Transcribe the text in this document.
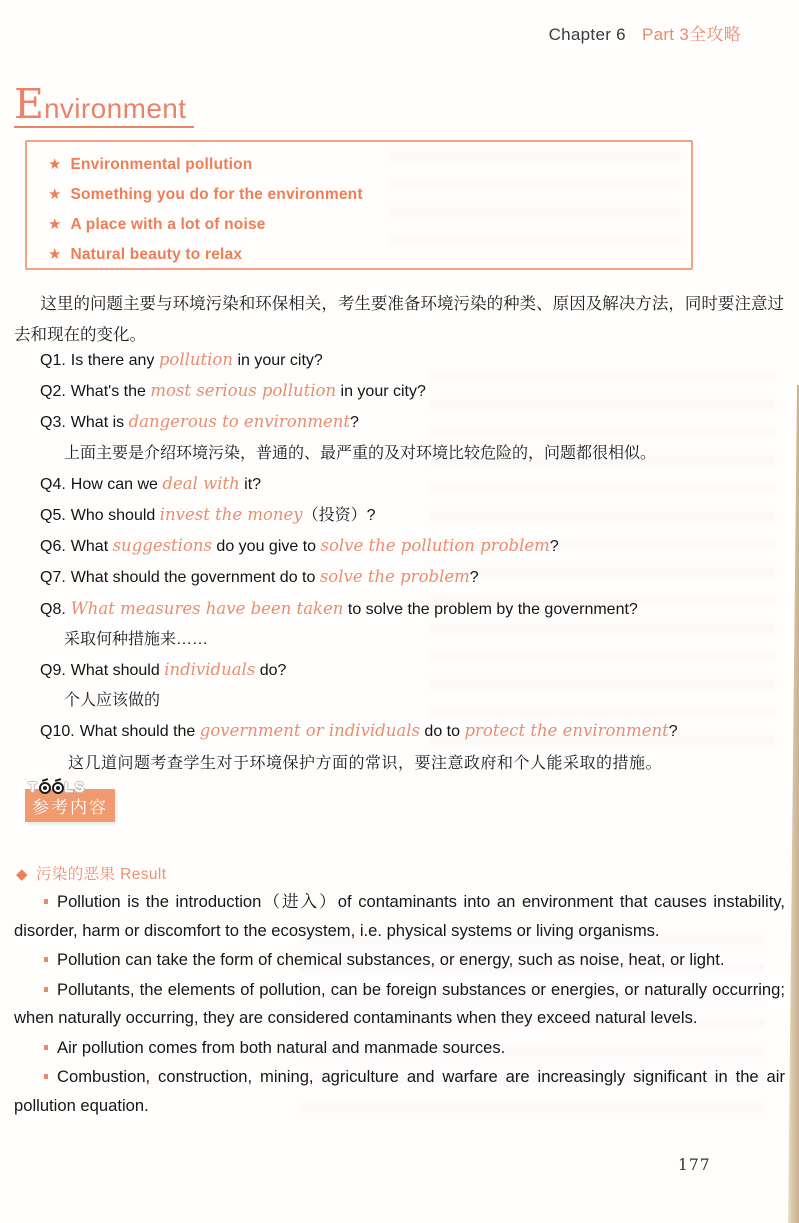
Chapter 6 Part 3全攻略
E nvironment
★ Environmental pollution
★ Something you do for the environment
★ A place with a lot of noise
★ Natural beauty to relax

这里的问题主要与环境污染和环保相关，考生要准备环境污染的种类、原因及解决方法，同时要注意过去和现在的变化。

Q1. Is there any pollution in your city?
Q2. What's the most serious pollution in your city?
Q3. What is dangerous to environment?
上面主要是介绍环境污染，普通的、最严重的及对环境比较危险的，问题都很相似。
Q4. How can we deal with it?
Q5. Who should invest the money（投资）?
Q6. What suggestions do you give to solve the pollution problem?
Q7. What should the government do to solve the problem?
Q8. What measures have been taken to solve the problem by the government?
采取何种措施来……
Q9. What should individuals do?
个人应该做的
Q10. What should the government or individuals do to protect the environment?
这几道问题考查学生对于环境保护方面的常识，要注意政府和个人能采取的措施。
T L S
参考内容
◆ 污染的恶果 Result

Pollution is the introduction（进入）of contaminants into an environment that causes instability, disorder, harm or discomfort to the ecosystem, i.e. physical systems or living organisms.

Pollution can take the form of chemical substances, or energy, such as noise, heat, or light.

Pollutants, the elements of pollution, can be foreign substances or energies, or naturally occurring; when naturally occurring, they are considered contaminants when they exceed natural levels.

Air pollution comes from both natural and manmade sources.

Combustion, construction, mining, agriculture and warfare are increasingly significant in the air pollution equation.

177
